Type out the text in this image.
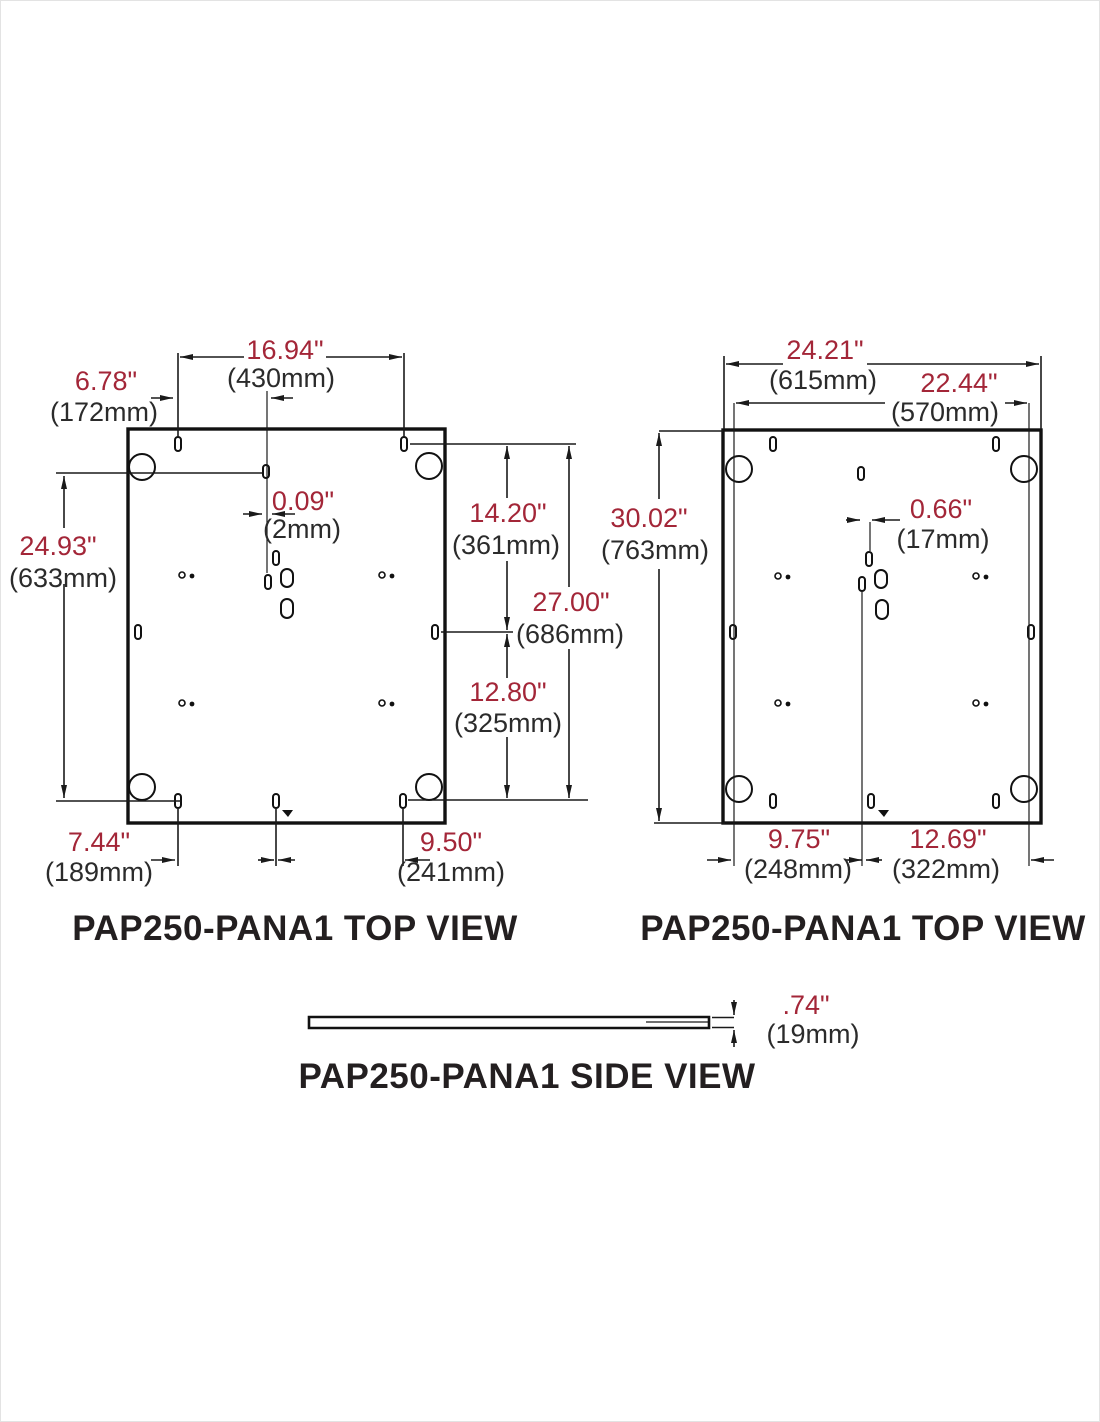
16.94"
(430mm)
6.78"
(172mm)
0.09"
(2mm)
24.93"
(633mm)
14.20"
(361mm)
27.00"
(686mm)
12.80"
(325mm)
7.44"
(189mm)
9.50"
(241mm)
PAP250-PANA1 TOP VIEW
24.21"
(615mm) 22.44"
(570mm)
30.02"
(763mm)
0.66"
(17mm)
9.75"
(248mm)
12.69"
(322mm)
PAP250-PANA1 TOP VIEW
.74"
(19mm)
PAP250-PANA1 SIDE VIEW
